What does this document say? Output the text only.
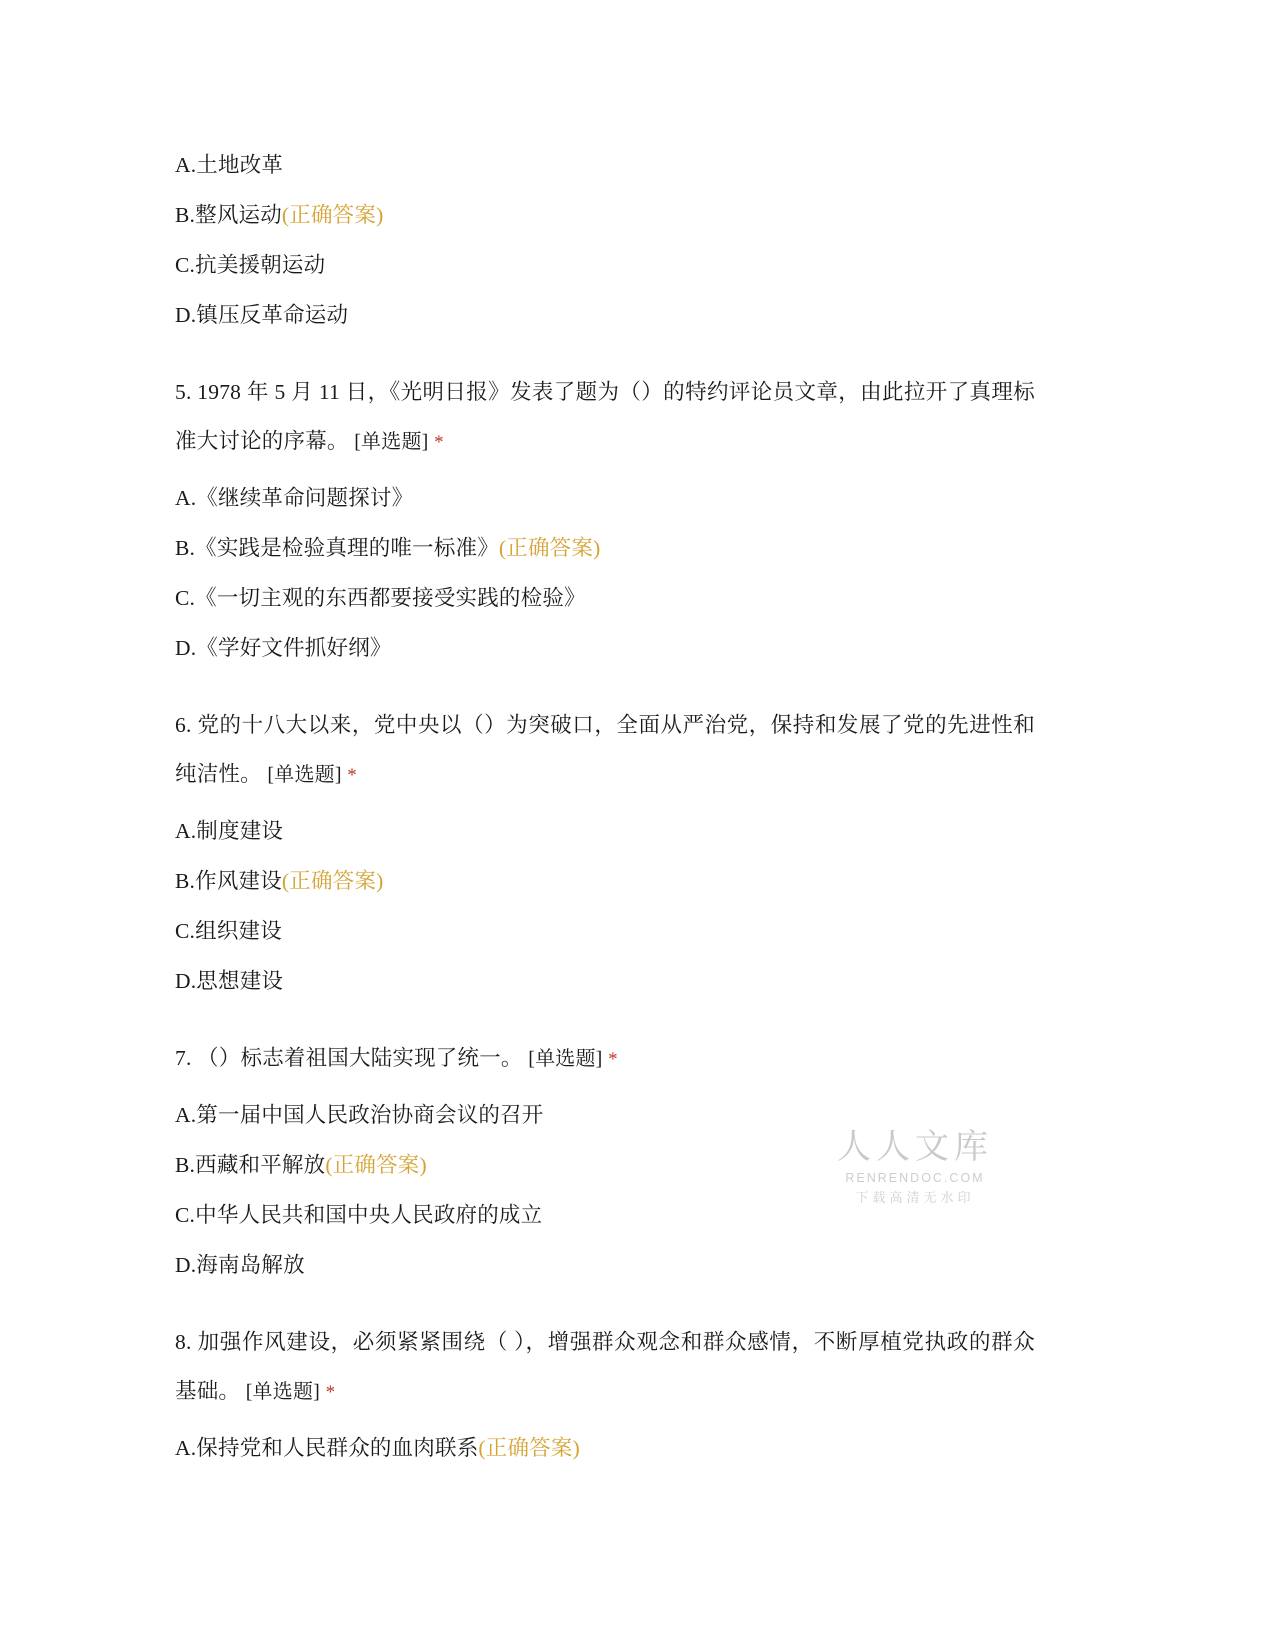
A.土地改革

B.整风运动(正确答案)

C.抗美援朝运动

D.镇压反革命运动

5. 1978 年 5 月 11 日，《光明日报》发表了题为（）的特约评论员文章，由此拉开了真理标准大讨论的序幕。 [单选题] *

A.《继续革命问题探讨》

B.《实践是检验真理的唯一标准》(正确答案)

C.《一切主观的东西都要接受实践的检验》

D.《学好文件抓好纲》

6. 党的十八大以来，党中央以（）为突破口，全面从严治党，保持和发展了党的先进性和纯洁性。 [单选题] *

A.制度建设

B.作风建设(正确答案)

C.组织建设

D.思想建设

7. （）标志着祖国大陆实现了统一。 [单选题] *

A.第一届中国人民政治协商会议的召开

B.西藏和平解放(正确答案)

C.中华人民共和国中央人民政府的成立

D.海南岛解放

8. 加强作风建设，必须紧紧围绕（ ），增强群众观念和群众感情，不断厚植党执政的群众基础。 [单选题] *

A.保持党和人民群众的血肉联系(正确答案)

人人文库
RENRENDOC.COM
下载高清无水印
